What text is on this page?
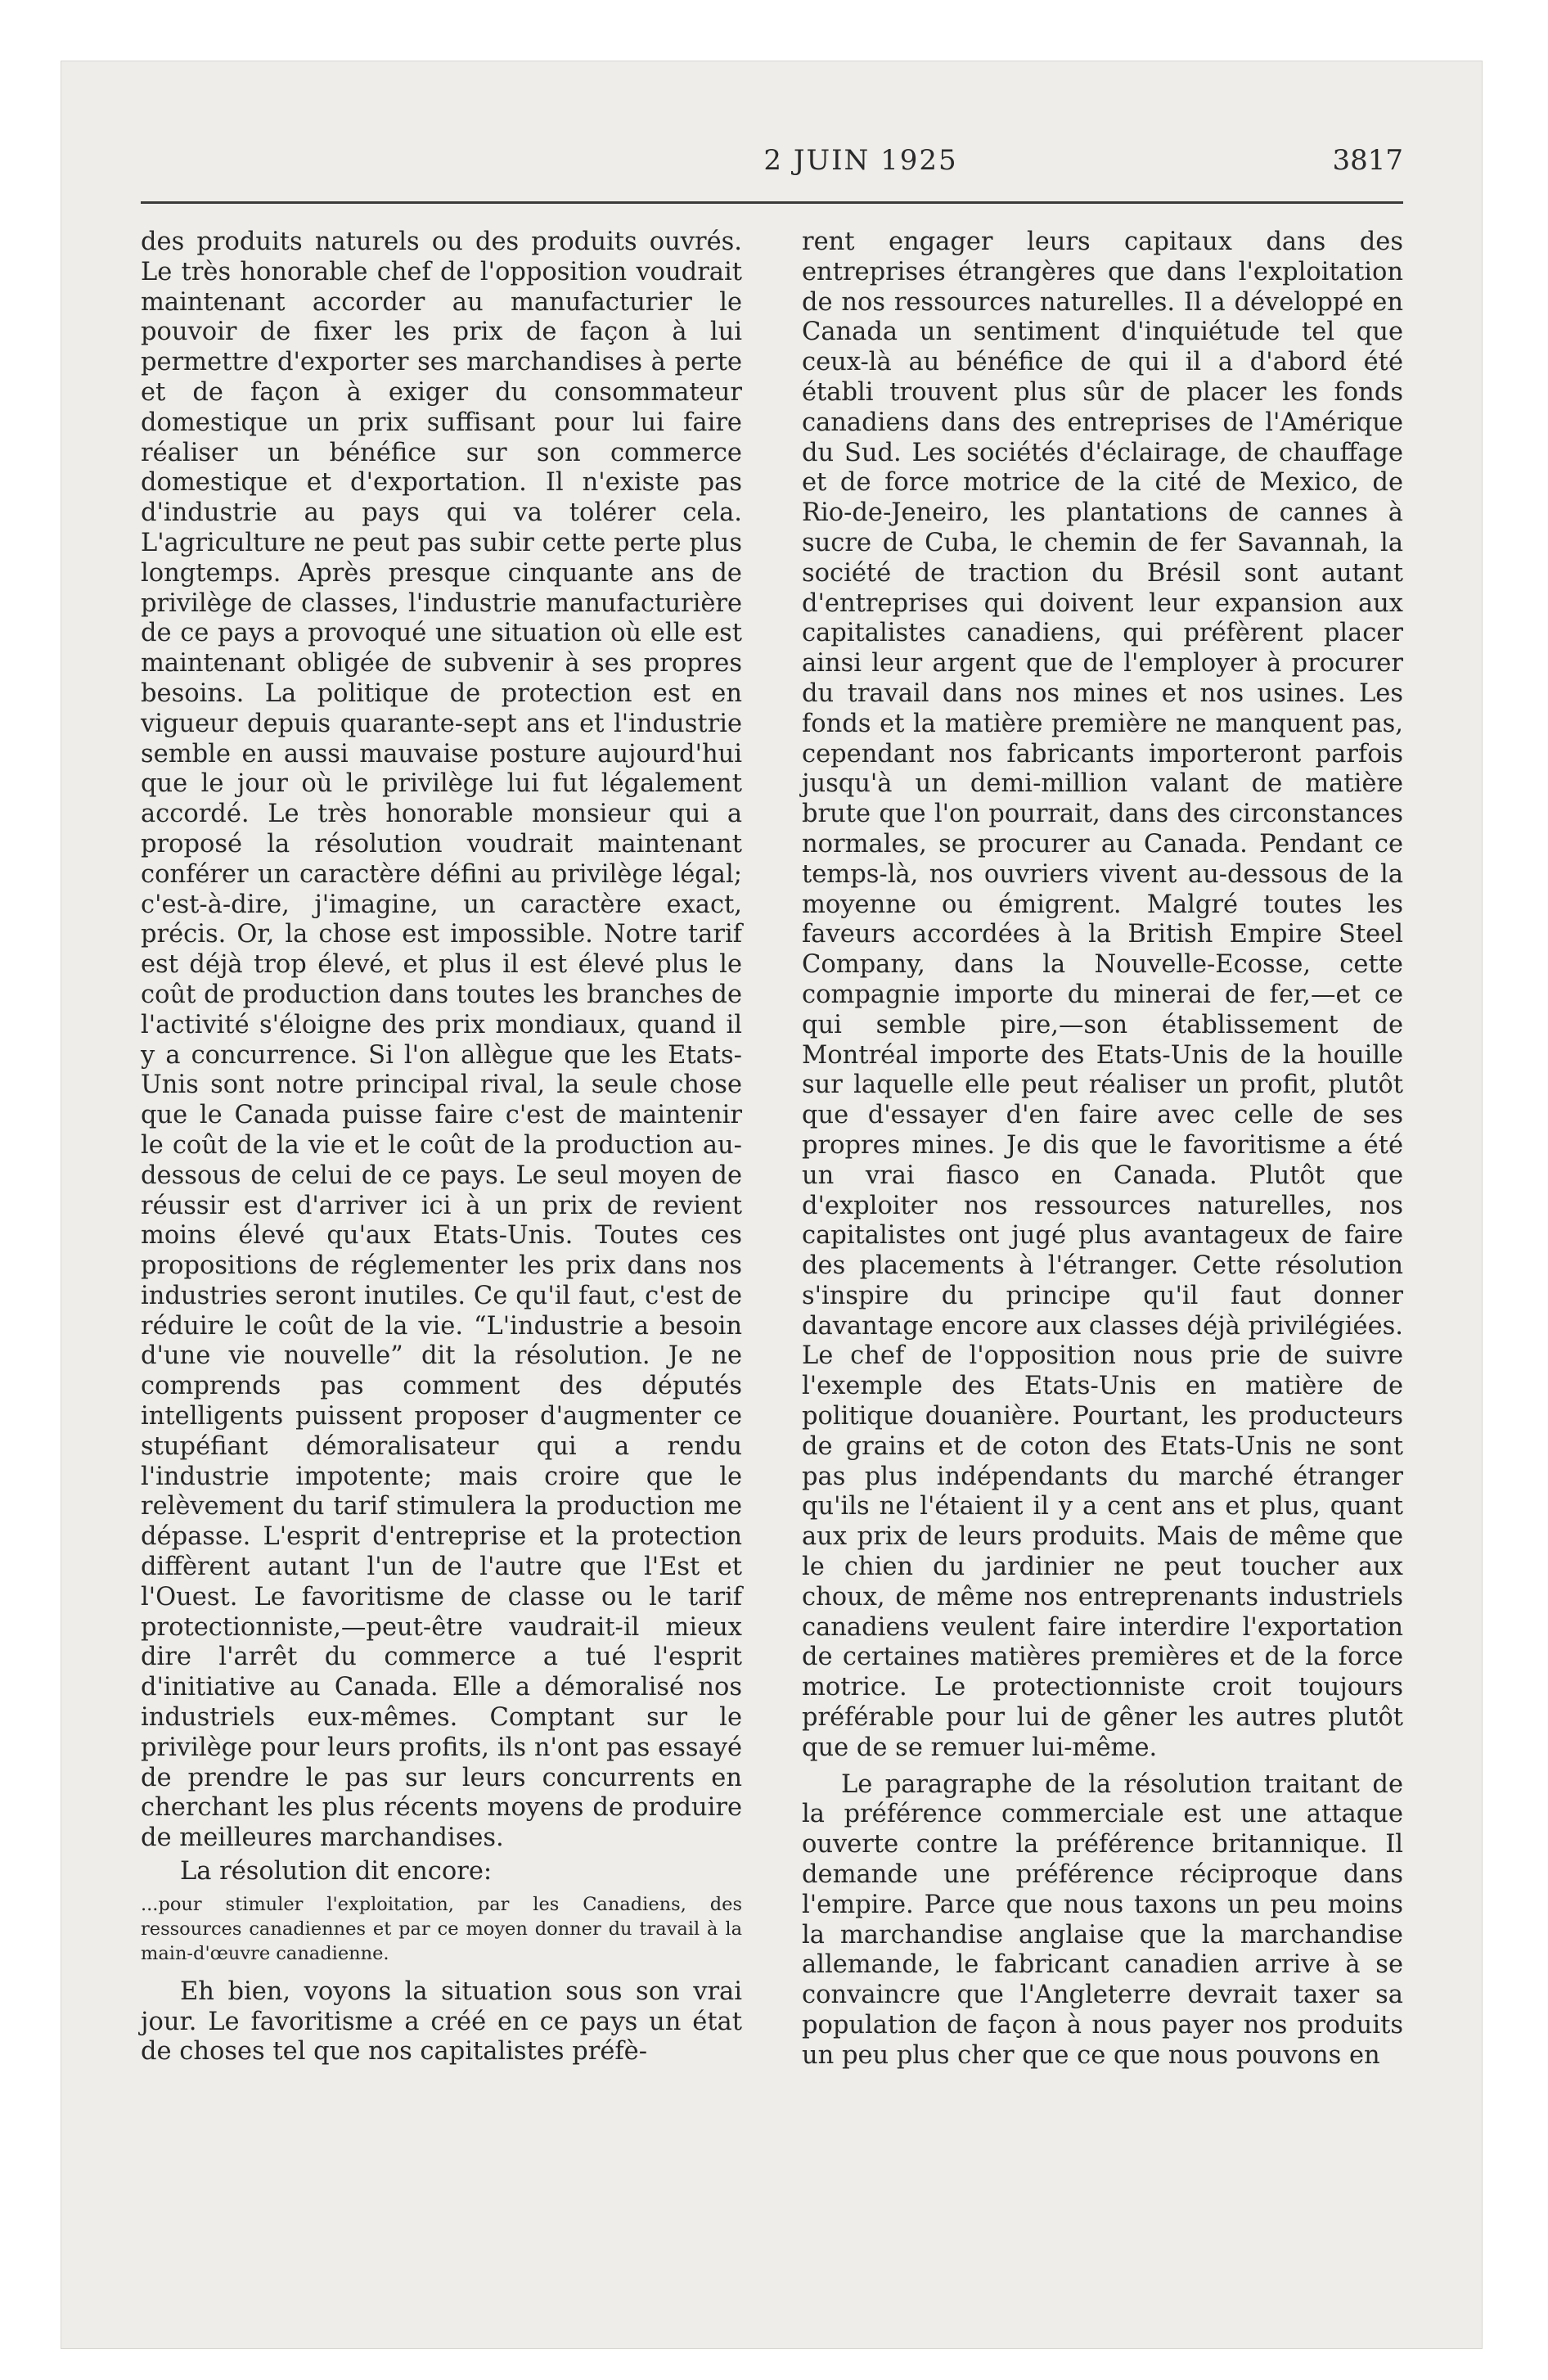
2 JUIN 1925	3817

des produits naturels ou des produits ouvrés. Le très honorable chef de l'opposition voudrait maintenant accorder au manufacturier le pouvoir de fixer les prix de façon à lui permettre d'exporter ses marchandises à perte et de façon à exiger du consommateur domestique un prix suffisant pour lui faire réaliser un bénéfice sur son commerce domestique et d'exportation. Il n'existe pas d'industrie au pays qui va tolérer cela. L'agriculture ne peut pas subir cette perte plus longtemps. Après presque cinquante ans de privilège de classes, l'industrie manufacturière de ce pays a provoqué une situation où elle est maintenant obligée de subvenir à ses propres besoins. La politique de protection est en vigueur depuis quarante-sept ans et l'industrie semble en aussi mauvaise posture aujourd'hui que le jour où le privilège lui fut légalement accordé. Le très honorable monsieur qui a proposé la résolution voudrait maintenant conférer un caractère défini au privilège légal; c'est-à-dire, j'imagine, un caractère exact, précis. Or, la chose est impossible. Notre tarif est déjà trop élevé, et plus il est élevé plus le coût de production dans toutes les branches de l'activité s'éloigne des prix mondiaux, quand il y a concurrence. Si l'on allègue que les Etats-Unis sont notre principal rival, la seule chose que le Canada puisse faire c'est de maintenir le coût de la vie et le coût de la production au-dessous de celui de ce pays. Le seul moyen de réussir est d'arriver ici à un prix de revient moins élevé qu'aux Etats-Unis. Toutes ces propositions de réglementer les prix dans nos industries seront inutiles. Ce qu'il faut, c'est de réduire le coût de la vie. “L'industrie a besoin d'une vie nouvelle” dit la résolution. Je ne comprends pas comment des députés intelligents puissent proposer d'augmenter ce stupéfiant démoralisateur qui a rendu l'industrie impotente; mais croire que le relèvement du tarif stimulera la production me dépasse. L'esprit d'entreprise et la protection diffèrent autant l'un de l'autre que l'Est et l'Ouest. Le favoritisme de classe ou le tarif protectionniste,—peut-être vaudrait-il mieux dire l'arrêt du commerce a tué l'esprit d'initiative au Canada. Elle a démoralisé nos industriels eux-mêmes. Comptant sur le privilège pour leurs profits, ils n'ont pas essayé de prendre le pas sur leurs concurrents en cherchant les plus récents moyens de produire de meilleures marchandises.

La résolution dit encore:

...pour stimuler l'exploitation, par les Canadiens, des ressources canadiennes et par ce moyen donner du travail à la main-d'œuvre canadienne.

Eh bien, voyons la situation sous son vrai jour. Le favoritisme a créé en ce pays un état de choses tel que nos capitalistes préfè-

rent engager leurs capitaux dans des entreprises étrangères que dans l'exploitation de nos ressources naturelles. Il a développé en Canada un sentiment d'inquiétude tel que ceux-là au bénéfice de qui il a d'abord été établi trouvent plus sûr de placer les fonds canadiens dans des entreprises de l'Amérique du Sud. Les sociétés d'éclairage, de chauffage et de force motrice de la cité de Mexico, de Rio-de-Jeneiro, les plantations de cannes à sucre de Cuba, le chemin de fer Savannah, la société de traction du Brésil sont autant d'entreprises qui doivent leur expansion aux capitalistes canadiens, qui préfèrent placer ainsi leur argent que de l'employer à procurer du travail dans nos mines et nos usines. Les fonds et la matière première ne manquent pas, cependant nos fabricants importeront parfois jusqu'à un demi-million valant de matière brute que l'on pourrait, dans des circonstances normales, se procurer au Canada. Pendant ce temps-là, nos ouvriers vivent au-dessous de la moyenne ou émigrent. Malgré toutes les faveurs accordées à la British Empire Steel Company, dans la Nouvelle-Ecosse, cette compagnie importe du minerai de fer,—et ce qui semble pire,—son établissement de Montréal importe des Etats-Unis de la houille sur laquelle elle peut réaliser un profit, plutôt que d'essayer d'en faire avec celle de ses propres mines. Je dis que le favoritisme a été un vrai fiasco en Canada. Plutôt que d'exploiter nos ressources naturelles, nos capitalistes ont jugé plus avantageux de faire des placements à l'étranger. Cette résolution s'inspire du principe qu'il faut donner davantage encore aux classes déjà privilégiées. Le chef de l'opposition nous prie de suivre l'exemple des Etats-Unis en matière de politique douanière. Pourtant, les producteurs de grains et de coton des Etats-Unis ne sont pas plus indépendants du marché étranger qu'ils ne l'étaient il y a cent ans et plus, quant aux prix de leurs produits. Mais de même que le chien du jardinier ne peut toucher aux choux, de même nos entreprenants industriels canadiens veulent faire interdire l'exportation de certaines matières premières et de la force motrice. Le protectionniste croit toujours préférable pour lui de gêner les autres plutôt que de se remuer lui-même.

Le paragraphe de la résolution traitant de la préférence commerciale est une attaque ouverte contre la préférence britannique. Il demande une préférence réciproque dans l'empire. Parce que nous taxons un peu moins la marchandise anglaise que la marchandise allemande, le fabricant canadien arrive à se convaincre que l'Angleterre devrait taxer sa population de façon à nous payer nos produits un peu plus cher que ce que nous pouvons en
